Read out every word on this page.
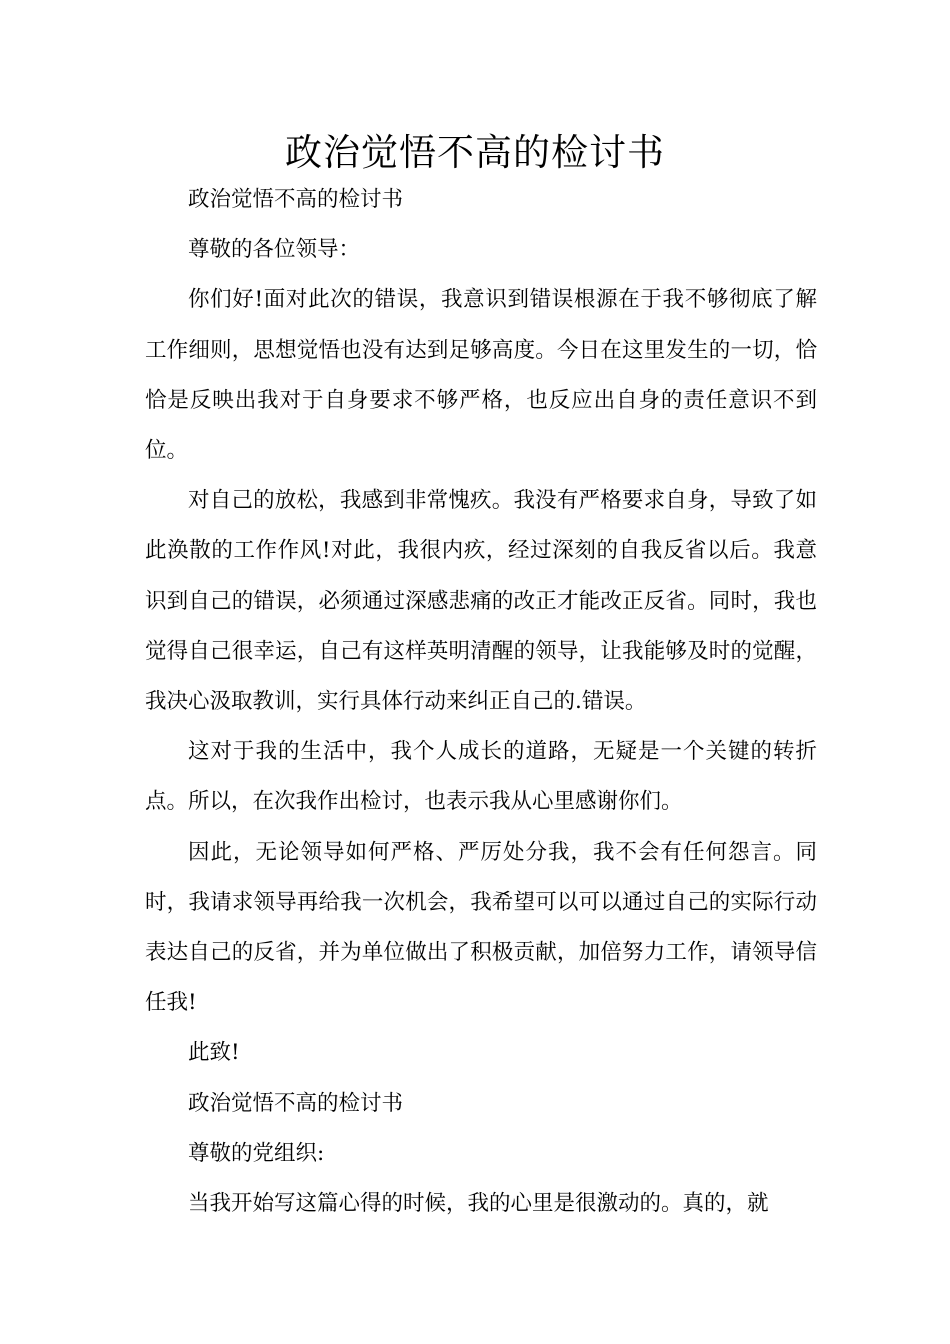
政治觉悟不高的检讨书

政治觉悟不高的检讨书

尊敬的各位领导：

你们好!面对此次的错误，我意识到错误根源在于我不够彻底了解工作细则，思想觉悟也没有达到足够高度。今日在这里发生的一切，恰恰是反映出我对于自身要求不够严格，也反应出自身的责任意识不到位。

对自己的放松，我感到非常愧疚。我没有严格要求自身，导致了如此涣散的工作作风!对此，我很内疚，经过深刻的自我反省以后。我意识到自己的错误，必须通过深感悲痛的改正才能改正反省。同时，我也觉得自己很幸运，自己有这样英明清醒的领导，让我能够及时的觉醒，我决心汲取教训，实行具体行动来纠正自己的.错误。

这对于我的生活中，我个人成长的道路，无疑是一个关键的转折点。所以，在次我作出检讨，也表示我从心里感谢你们。

因此，无论领导如何严格、严厉处分我，我不会有任何怨言。同时，我请求领导再给我一次机会，我希望可以可以通过自己的实际行动表达自己的反省，并为单位做出了积极贡献，加倍努力工作，请领导信任我!

此致!

政治觉悟不高的检讨书

尊敬的党组织:

当我开始写这篇心得的时候，我的心里是很激动的。真的，就
